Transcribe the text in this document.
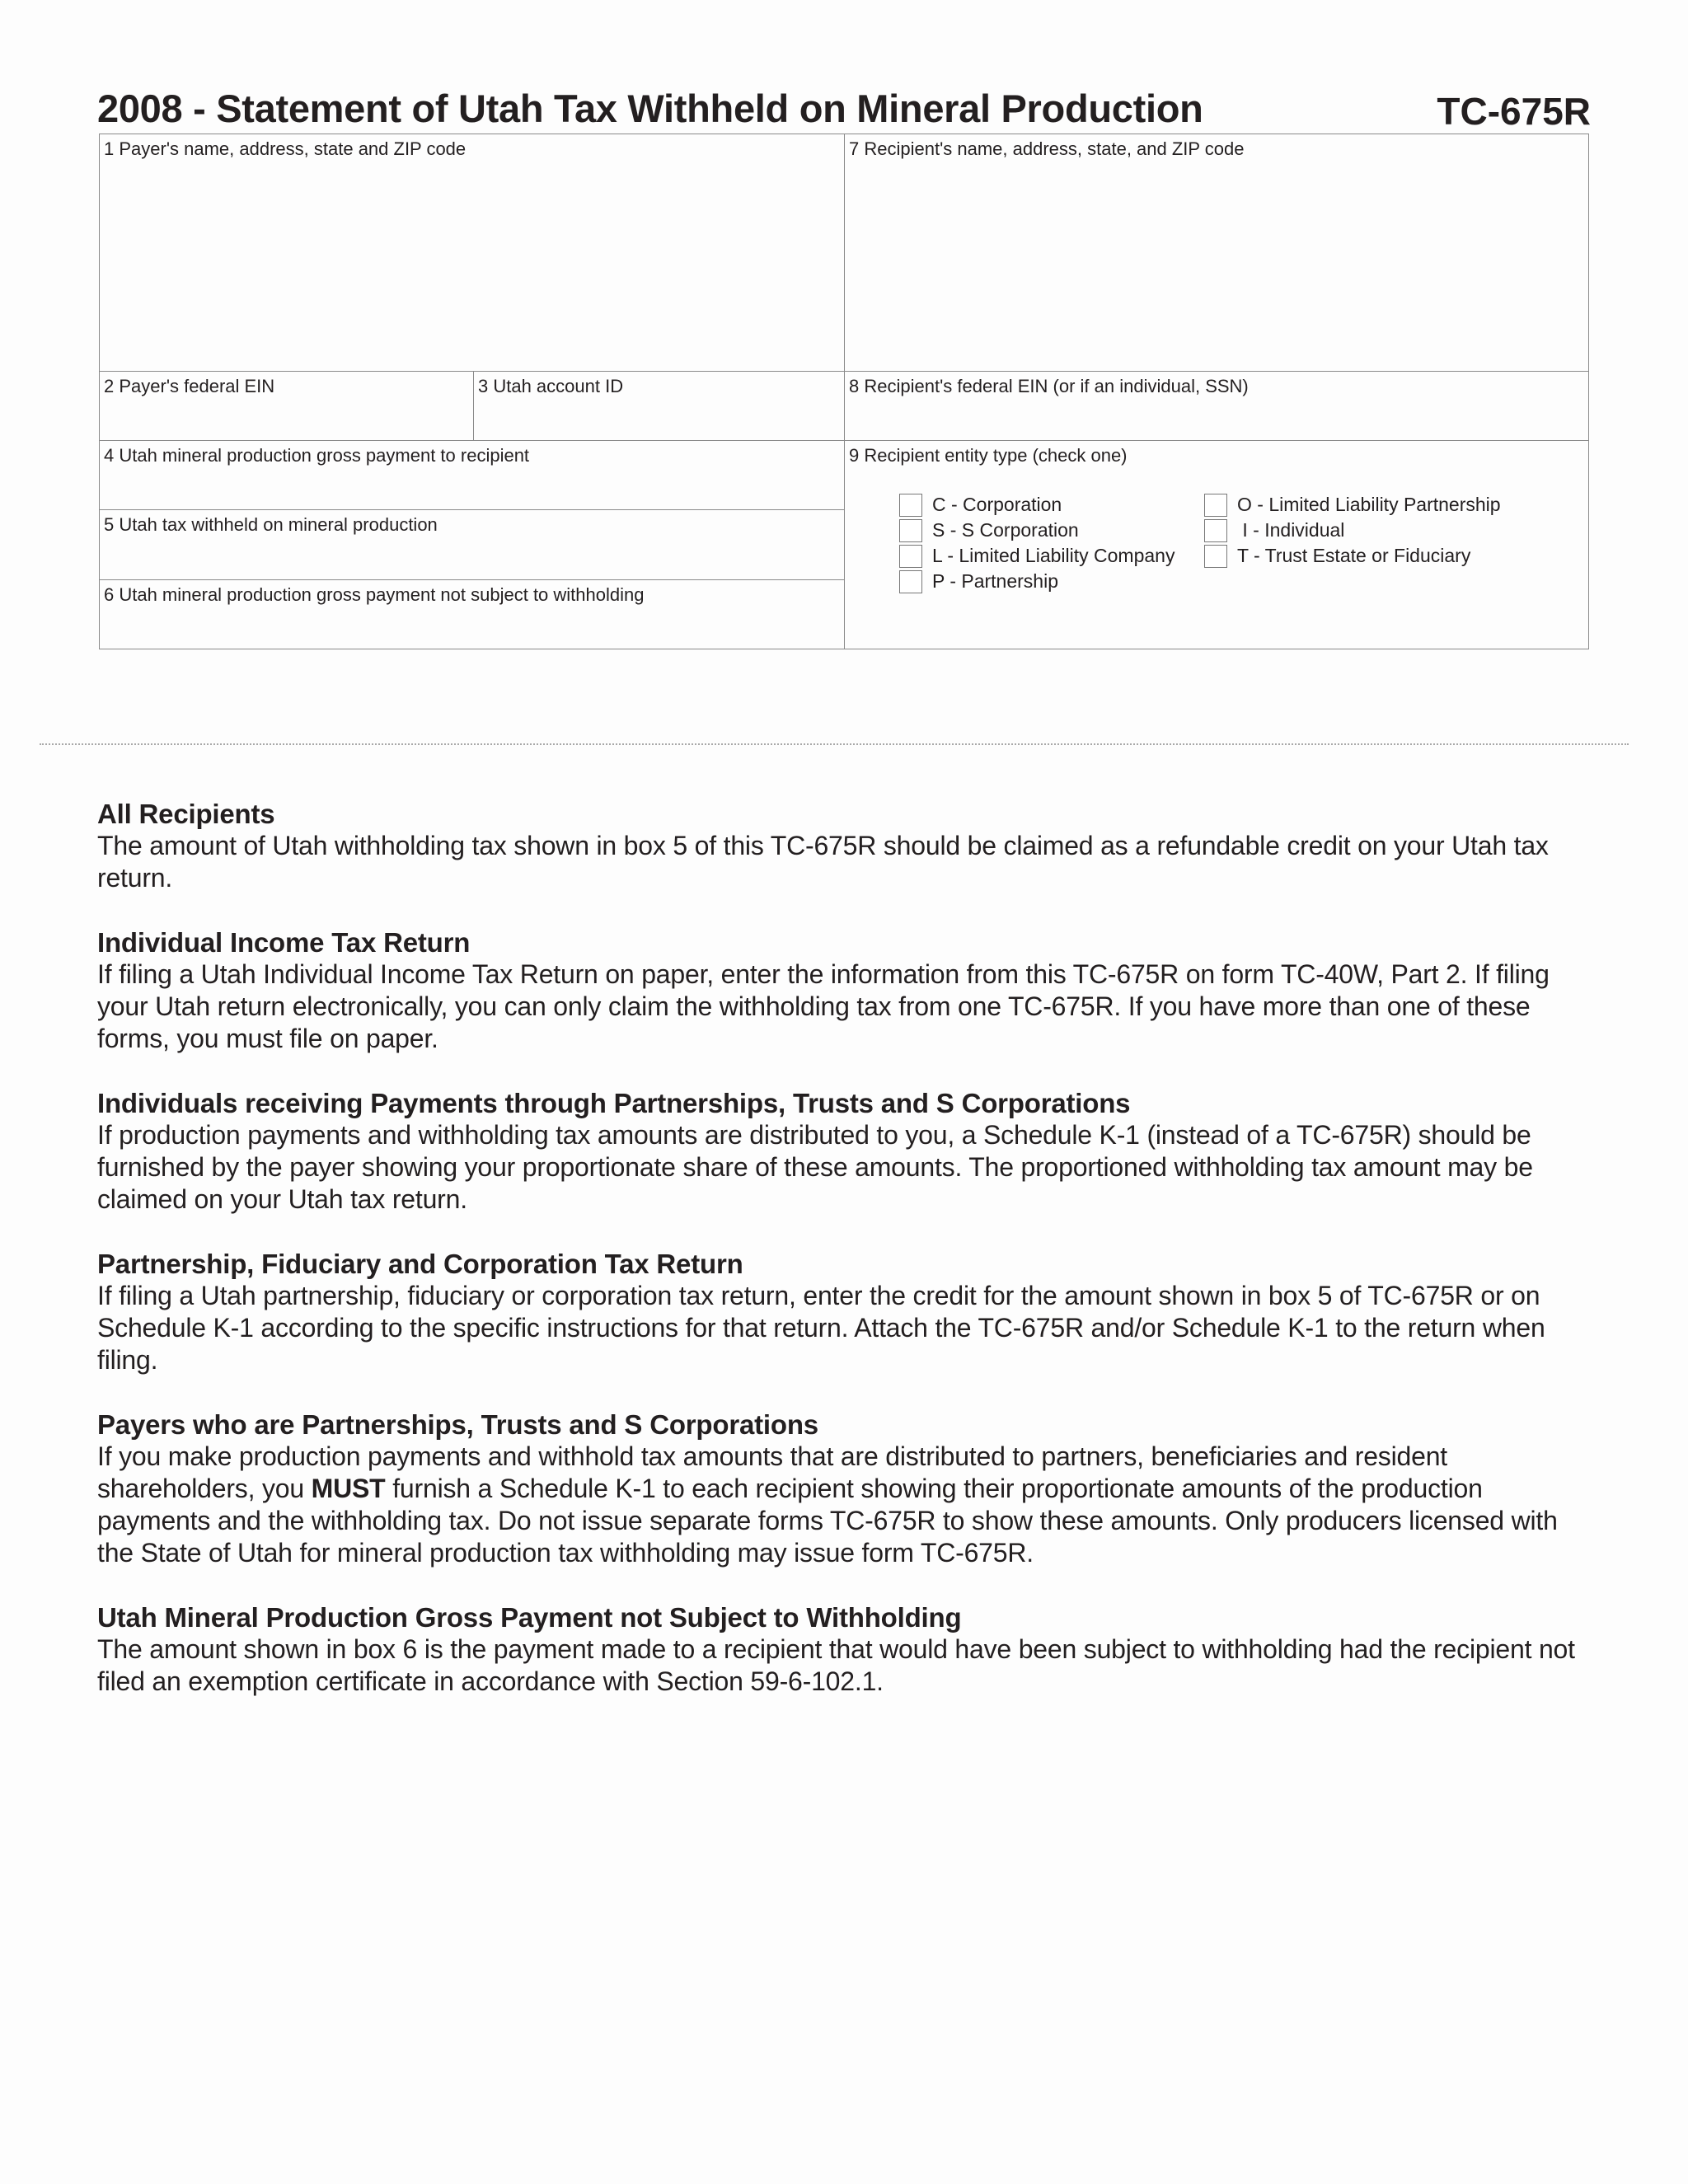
2008 - Statement of Utah Tax Withheld on Mineral Production	TC-675R
1 Payer's name, address, state and ZIP code
2 Payer's federal EIN	3 Utah account ID
4 Utah mineral production gross payment to recipient
5 Utah tax withheld on mineral production
6 Utah mineral production gross payment not subject to withholding
7 Recipient's name, address, state, and ZIP code
8 Recipient's federal EIN (or if an individual, SSN)
9 Recipient entity type (check one)
C - Corporation
S - S Corporation
L - Limited Liability Company
P - Partnership
O - Limited Liability Partnership
I - Individual
T - Trust Estate or Fiduciary
All Recipients
The amount of Utah withholding tax shown in box 5 of this TC-675R should be claimed as a refundable credit on your Utah tax return.
Individual Income Tax Return
If filing a Utah Individual Income Tax Return on paper, enter the information from this TC-675R on form TC-40W, Part 2. If filing your Utah return electronically, you can only claim the withholding tax from one TC-675R. If you have more than one of these forms, you must file on paper.
Individuals receiving Payments through Partnerships, Trusts and S Corporations
If production payments and withholding tax amounts are distributed to you, a Schedule K-1 (instead of a TC-675R) should be furnished by the payer showing your proportionate share of these amounts. The proportioned withholding tax amount may be claimed on your Utah tax return.
Partnership, Fiduciary and Corporation Tax Return
If filing a Utah partnership, fiduciary or corporation tax return, enter the credit for the amount shown in box 5 of TC-675R or on Schedule K-1 according to the specific instructions for that return. Attach the TC-675R and/or Schedule K-1 to the return when filing.
Payers who are Partnerships, Trusts and S Corporations
If you make production payments and withhold tax amounts that are distributed to partners, beneficiaries and resident shareholders, you MUST furnish a Schedule K-1 to each recipient showing their proportionate amounts of the production payments and the withholding tax. Do not issue separate forms TC-675R to show these amounts. Only producers licensed with the State of Utah for mineral production tax withholding may issue form TC-675R.
Utah Mineral Production Gross Payment not Subject to Withholding
The amount shown in box 6 is the payment made to a recipient that would have been subject to withholding had the recipient not filed an exemption certificate in accordance with Section 59-6-102.1.
